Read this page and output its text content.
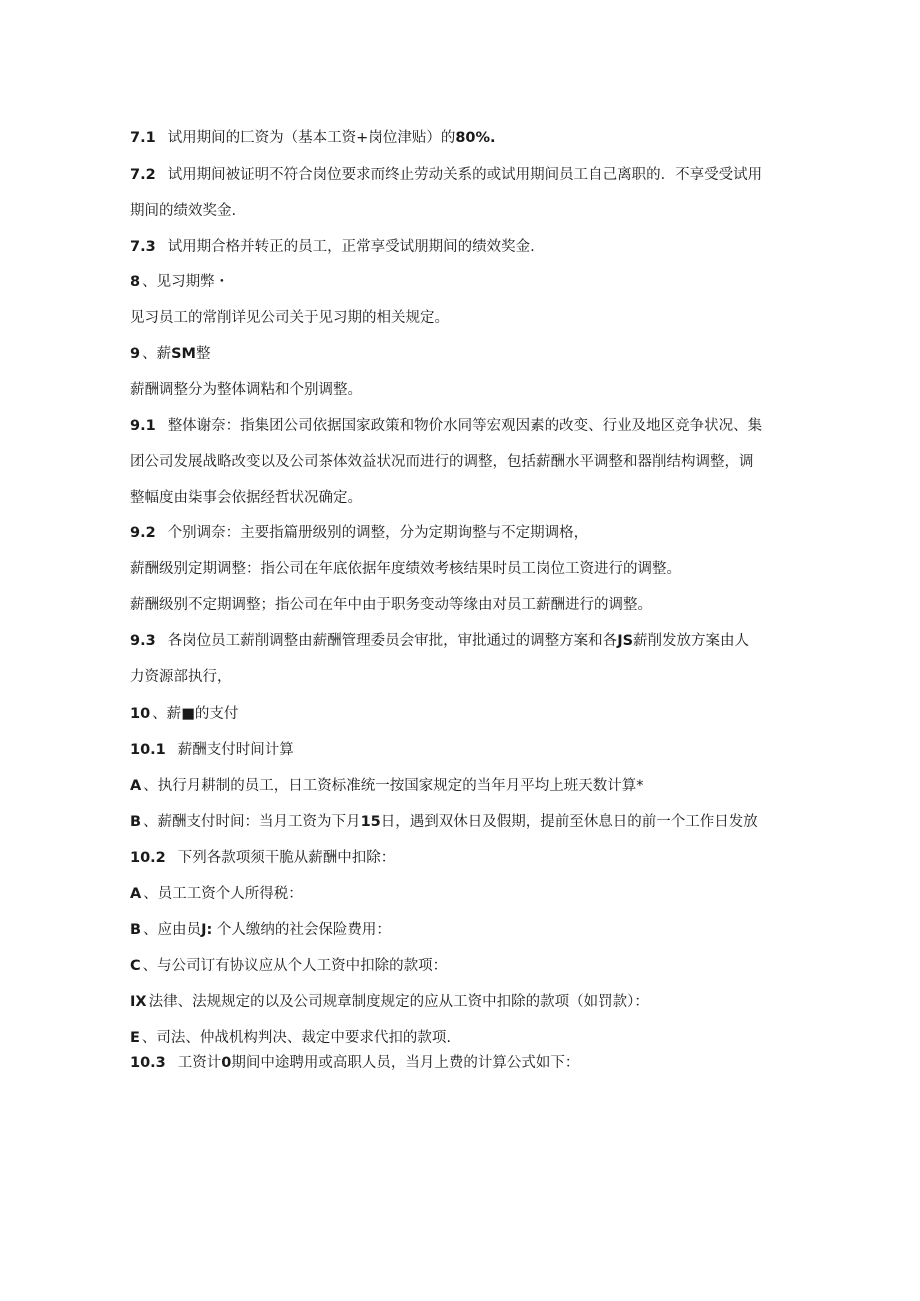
7.1 试用期间的匚资为（基本工资+岗位津贴）的80%.
7.2 试用期间被证明不符合岗位要求而终止劳动关系的或试用期间员工自己离职的．不享受受试用
期间的绩效奖金.
7.3 试用期合格并转正的员工，正常享受试朋期间的绩效奖金.
8 、见习期弊・
见习员工的常削详见公司关于见习期的相关规定。
9 、薪SM整
薪酬调整分为整体调粘和个别调整。
9.1 整体谢奈：指集团公司依据国家政策和物价水同等宏观因素的改变、行业及地区竞争状况、集
团公司发展战略改变以及公司茶体效益状况而进行的调整，包括薪酬水平调整和器削结构调整，调
整幅度由柒事会依据经哲状况确定。
9.2 个别调奈：主要指篇册级别的调整，分为定期询整与不定期调格，
薪酬级别定期调整：指公司在年底依据年度绩效考核结果时员工岗位工资进行的调整。
薪酬级别不定期调整；指公司在年中由于职务变动等缘由对员工薪酬进行的调整。
9.3 各岗位员工薪削调整由薪酬管理委员会审批，审批通过的调整方案和各JS薪削发放方案由人
力资源部执行，
10 、薪■的支付
10.1 薪酬支付时间计算
A 、执行月耕制的员工，日工资标准统一按国家规定的当年月平均上班天数计算*
B 、薪酬支付时间：当月工资为下月15日，遇到双休日及假期，提前至休息日的前一个工作日发放
10.2 下列各款项须干脆从薪酬中扣除：
A 、员工工资个人所得税：
B 、应由员J: 个人缴纳的社会保险费用：
C 、与公司订有协议应从个人工资中扣除的款项：
IX 法律、法规规定的以及公司规章制度规定的应从工资中扣除的款项（如罚款）：
E 、司法、仲战机构判决、裁定中要求代扣的款项.
10.3 工资计0期间中途聘用或高职人员，当月上费的计算公式如下：
